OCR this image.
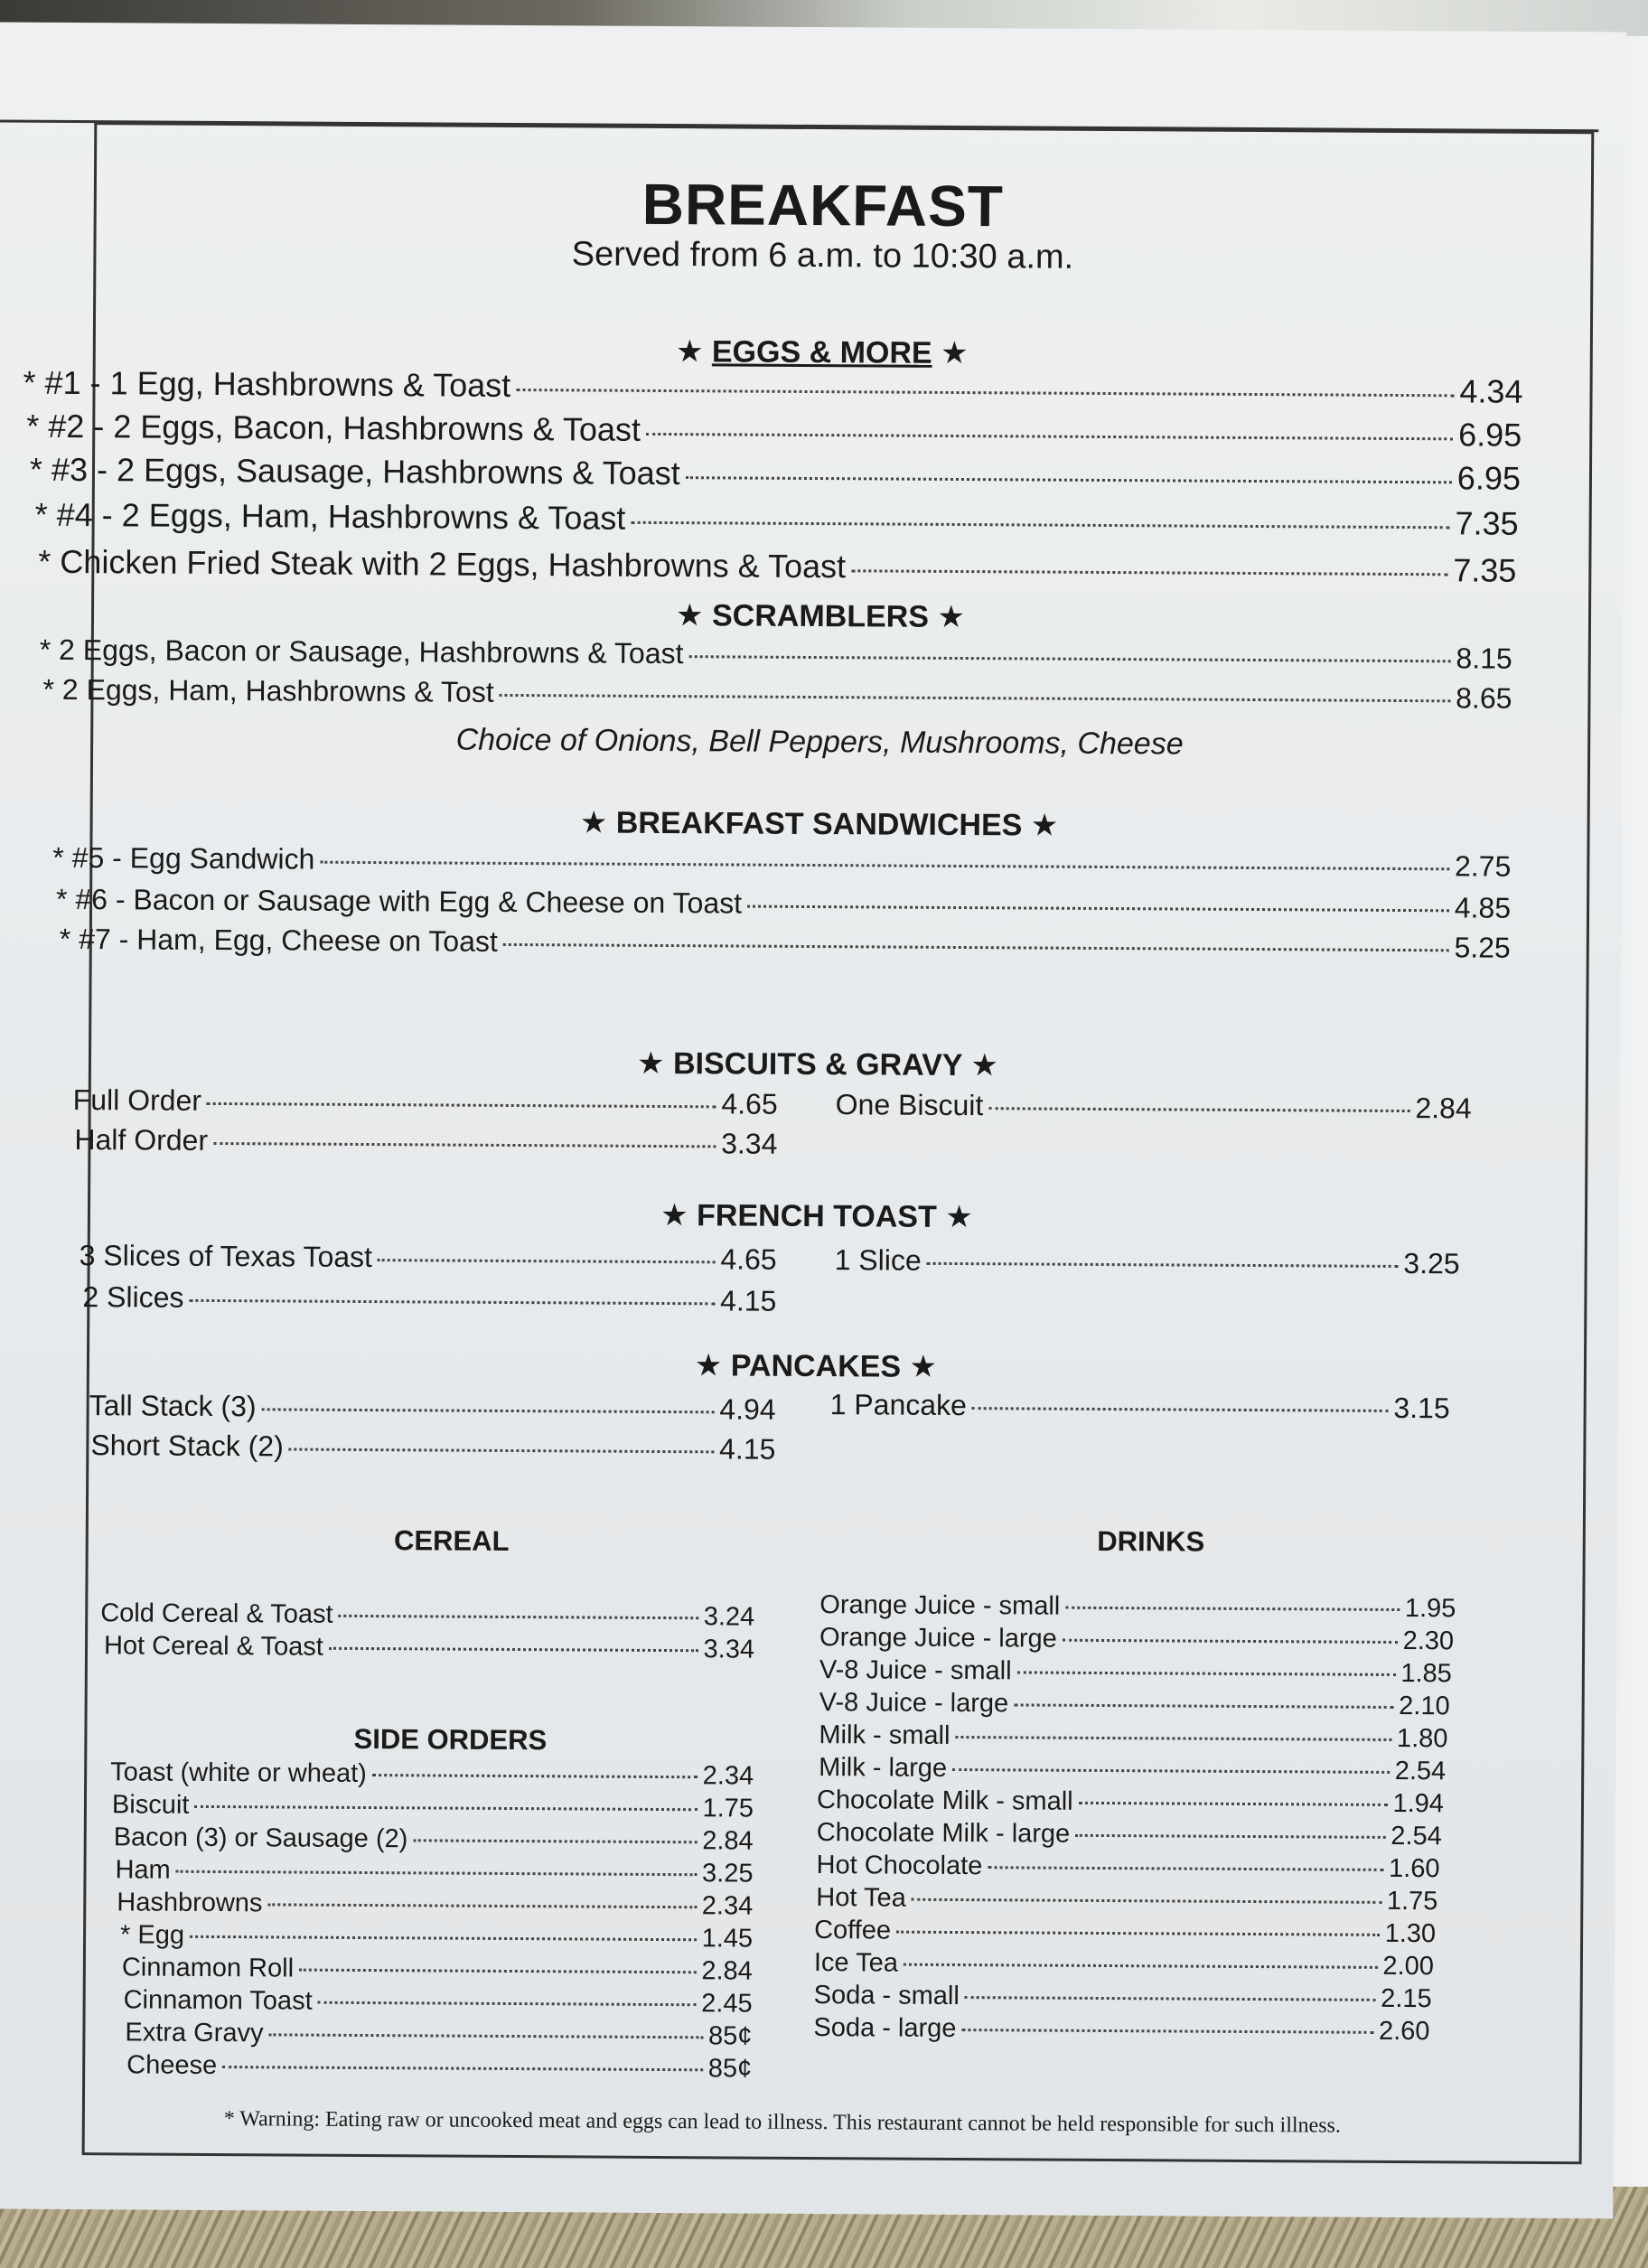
BREAKFAST
Served from 6 a.m. to 10:30 a.m.
★ EGGS & MORE ★
* #1 - 1 Egg, Hashbrowns & Toast	4.34
* #2 - 2 Eggs, Bacon, Hashbrowns & Toast	6.95
* #3 - 2 Eggs, Sausage, Hashbrowns & Toast	6.95
* #4 - 2 Eggs, Ham, Hashbrowns & Toast	7.35
* Chicken Fried Steak with 2 Eggs, Hashbrowns & Toast	7.35
★ SCRAMBLERS ★
* 2 Eggs, Bacon or Sausage, Hashbrowns & Toast	8.15
* 2 Eggs, Ham, Hashbrowns & Tost	8.65
Choice of Onions, Bell Peppers, Mushrooms, Cheese
★ BREAKFAST SANDWICHES ★
* #5 - Egg Sandwich	2.75
* #6 - Bacon or Sausage with Egg & Cheese on Toast	4.85
* #7 - Ham, Egg, Cheese on Toast	5.25
★ BISCUITS & GRAVY ★
Full Order	4.65
Half Order	3.34
One Biscuit	2.84
★ FRENCH TOAST ★
3 Slices of Texas Toast	4.65
2 Slices	4.15
1 Slice	3.25
★ PANCAKES ★
Tall Stack (3)	4.94
Short Stack (2)	4.15
1 Pancake	3.15
CEREAL
Cold Cereal & Toast	3.24
Hot Cereal & Toast	3.34
SIDE ORDERS
Toast (white or wheat)	2.34
Biscuit	1.75
Bacon (3) or Sausage (2)	2.84
Ham	3.25
Hashbrowns	2.34
* Egg	1.45
Cinnamon Roll	2.84
Cinnamon Toast	2.45
Extra Gravy	85¢
Cheese	85¢
DRINKS
Orange Juice - small	1.95
Orange Juice - large	2.30
V-8 Juice - small	1.85
V-8 Juice - large	2.10
Milk - small	1.80
Milk - large	2.54
Chocolate Milk - small	1.94
Chocolate Milk - large	2.54
Hot Chocolate	1.60
Hot Tea	1.75
Coffee	1.30
Ice Tea	2.00
Soda - small	2.15
Soda - large	2.60
* Warning: Eating raw or uncooked meat and eggs can lead to illness. This restaurant cannot be held responsible for such illness.
